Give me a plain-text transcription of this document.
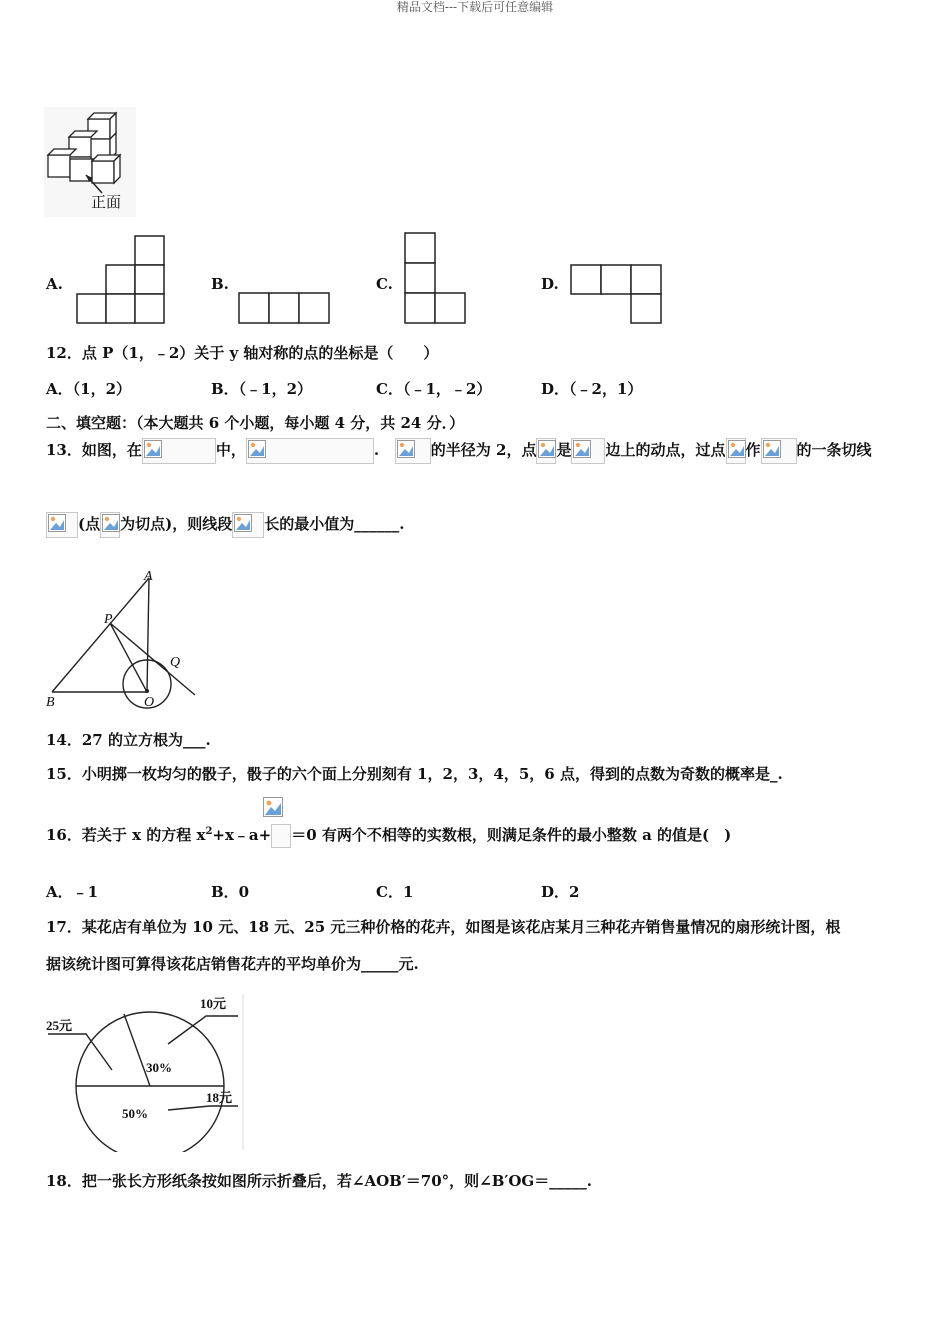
精品文档---下载后可任意编辑
正面
A.	B.	C.	D.
12．点 P（1，﹣2）关于 y 轴对称的点的坐标是（　　）
A．（1，2）	B．（﹣1，2）	C．（﹣1，﹣2）	D．（﹣2，1）
二、填空题：（本大题共 6 个小题，每小题 4 分，共 24 分．）
13．如图，在	中，	.	的半径为 2，点 是 边上的动点，过点 作 的一条切线
(点 为切点)，则线段 长的最小值为______.
A
P
Q
B	O
14．27 的立方根为___.
15．小明掷一枚均匀的骰子，骰子的六个面上分别刻有 1，2，3，4，5，6 点，得到的点数为奇数的概率是_.
16．若关于 x 的方程 $x^2+x﹣a+ =0$ 有两个不相等的实数根，则满足条件的最小整数 a 的值是(　)
A．﹣1	B．0	C．1	D．2
17．某花店有单位为 10 元、18 元、25 元三种价格的花卉，如图是该花店某月三种花卉销售量情况的扇形统计图，根
据该统计图可算得该花店销售花卉的平均单价为_____元.
25元
10元
18元
30%
50%
18．把一张长方形纸条按如图所示折叠后，若∠AOB′＝70°，则∠B′OG＝_____.
